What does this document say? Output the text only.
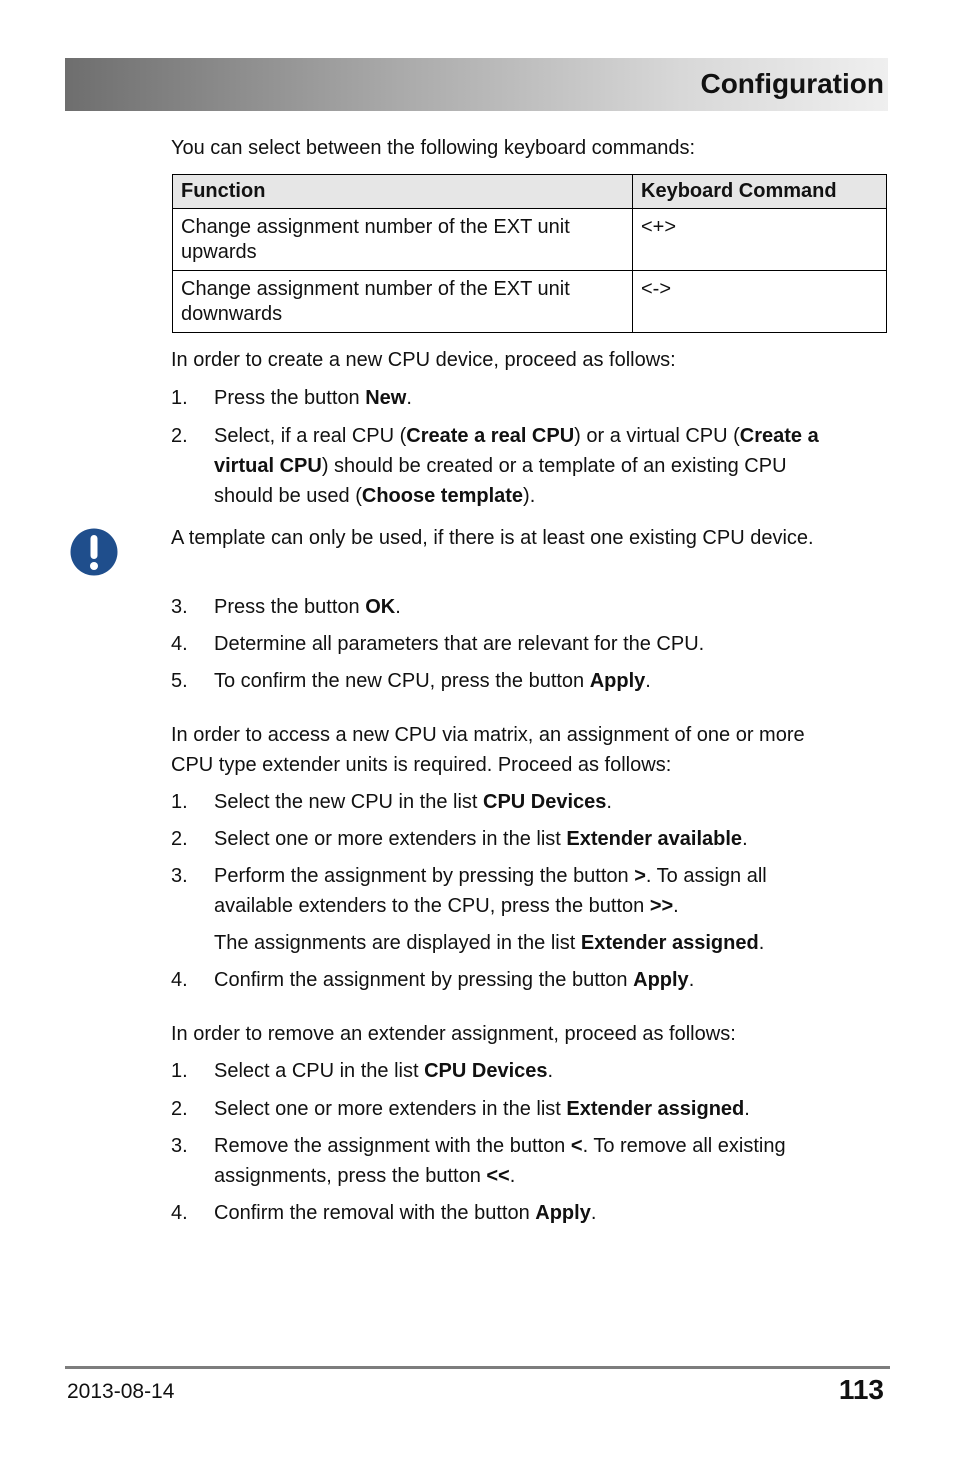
Configuration
You can select between the following keyboard commands:
Function	Keyboard Command

Change assignment number of the EXT unit
upwards	<+>

Change assignment number of the EXT unit
downwards	<->
In order to create a new CPU device, proceed as follows:
1. Press the button New.
2. Select, if a real CPU (Create a real CPU) or a virtual CPU (Create a
virtual CPU) should be created or a template of an existing CPU
should be used (Choose template).
A template can only be used, if there is at least one existing CPU device.
3. Press the button OK.
4. Determine all parameters that are relevant for the CPU.
5. To confirm the new CPU, press the button Apply.
In order to access a new CPU via matrix, an assignment of one or more
CPU type extender units is required. Proceed as follows:
1. Select the new CPU in the list CPU Devices.
2. Select one or more extenders in the list Extender available.
3. Perform the assignment by pressing the button >. To assign all
available extenders to the CPU, press the button >>.
The assignments are displayed in the list Extender assigned.
4. Confirm the assignment by pressing the button Apply.
In order to remove an extender assignment, proceed as follows:
1. Select a CPU in the list CPU Devices.
2. Select one or more extenders in the list Extender assigned.
3. Remove the assignment with the button <. To remove all existing
assignments, press the button <<.
4. Confirm the removal with the button Apply.
2013-08-14	113
